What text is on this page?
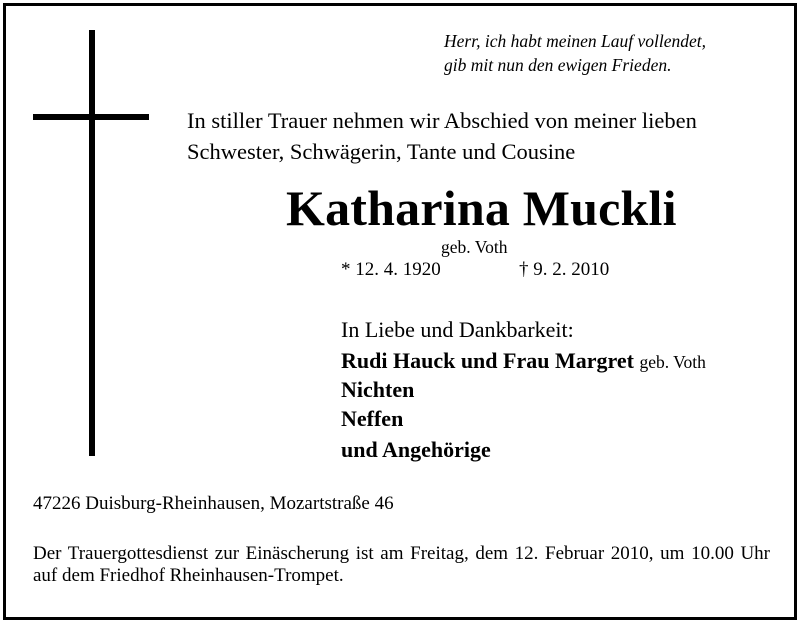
Herr, ich habt meinen Lauf vollendet,
gib mit nun den ewigen Frieden.
In stiller Trauer nehmen wir Abschied von meiner lieben
Schwester, Schwägerin, Tante und Cousine
Katharina Muckli
geb. Voth
* 12. 4. 1920	† 9. 2. 2010
In Liebe und Dankbarkeit:
Rudi Hauck und Frau Margret geb. Voth
Nichten
Neffen
und Angehörige
47226 Duisburg-Rheinhausen, Mozartstraße 46
Der Trauergottesdienst zur Einäscherung ist am Freitag, dem 12. Februar 2010, um 10.00 Uhr auf dem Friedhof Rheinhausen-Trompet.
